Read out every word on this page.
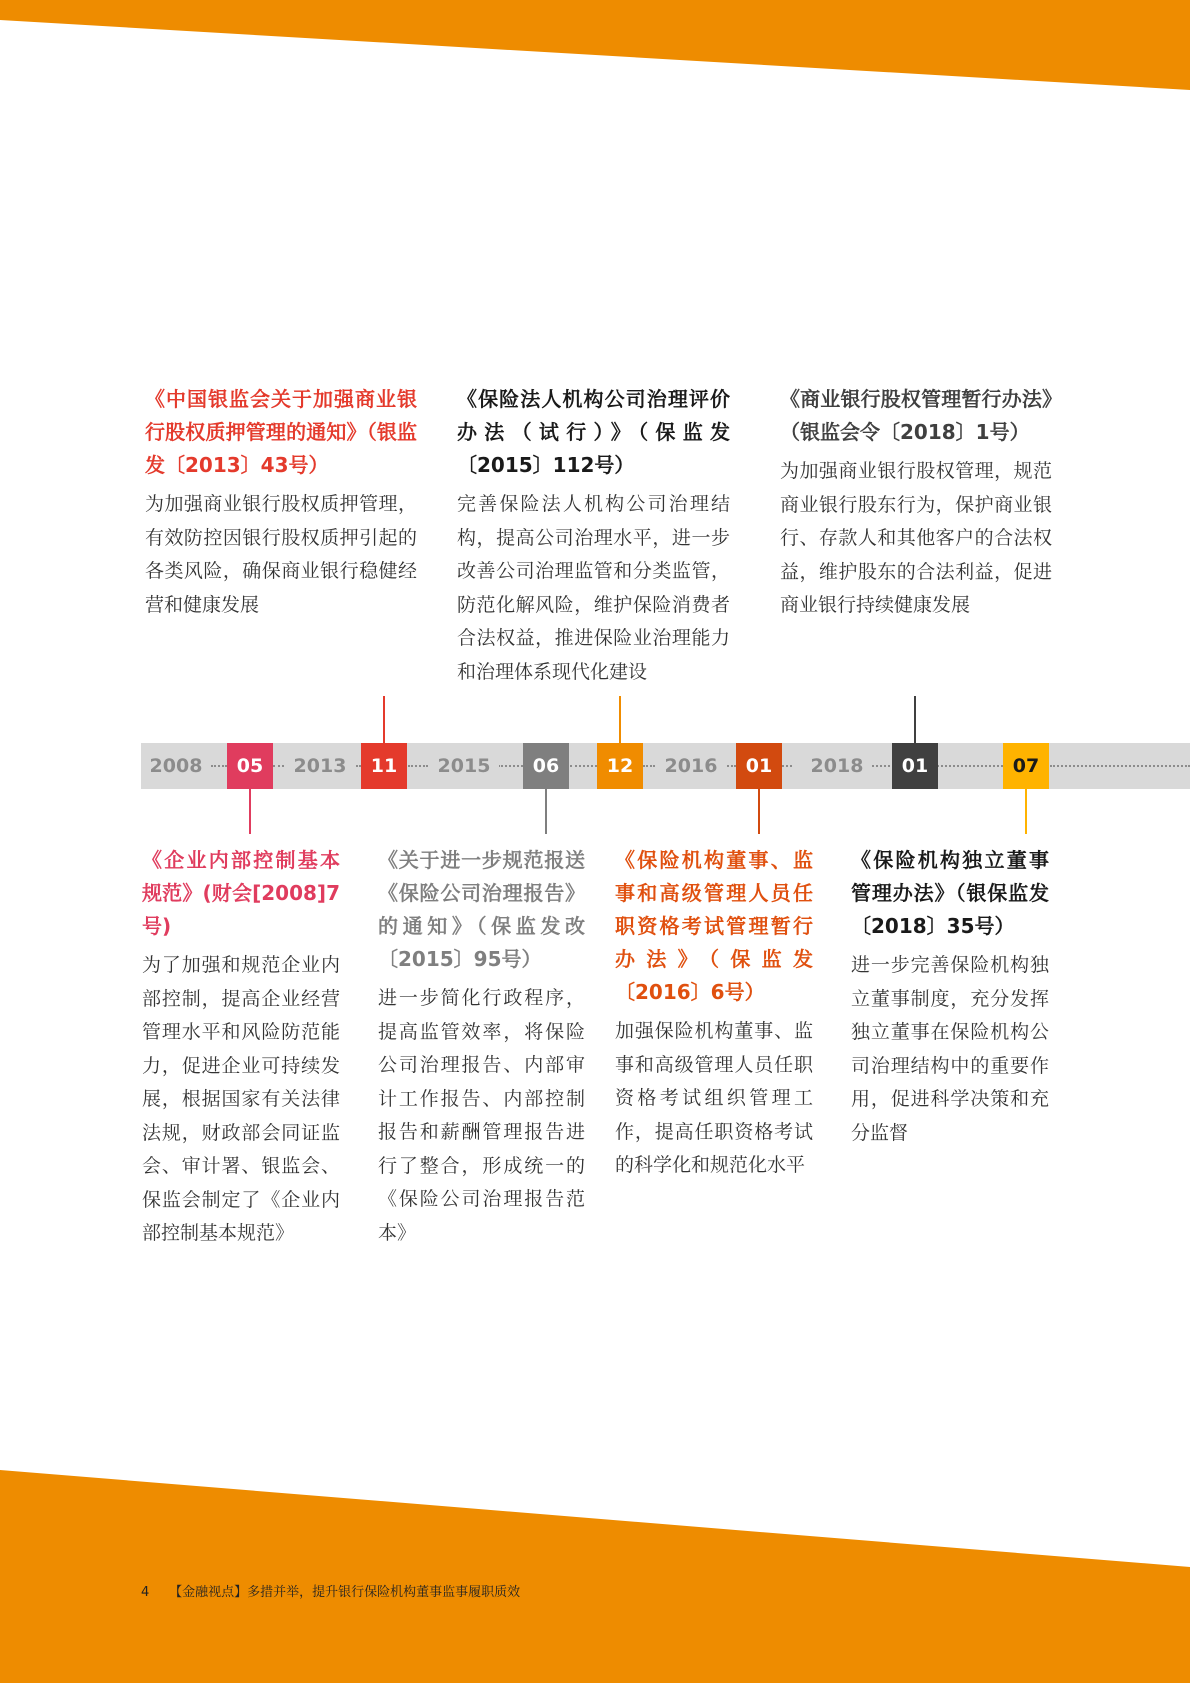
《中国银监会关于加强商业银行股权质押管理的通知》（银监发〔2013〕43号）
为加强商业银行股权质押管理，有效防控因银行股权质押引起的各类风险，确保商业银行稳健经营和健康发展
《保险法人机构公司治理评价办法（试行）》（保监发〔2015〕112号）
完善保险法人机构公司治理结构，提高公司治理水平，进一步改善公司治理监管和分类监管，防范化解风险，维护保险消费者合法权益，推进保险业治理能力和治理体系现代化建设
《商业银行股权管理暂行办法》（银监会令〔2018〕1号）
为加强商业银行股权管理，规范商业银行股东行为，保护商业银行、存款人和其他客户的合法权益，维护股东的合法利益，促进商业银行持续健康发展
2008	2013	2015	2016	2018
05	11	06	12	01	01	07
《企业内部控制基本规范》(财会[2008]7号)
为了加强和规范企业内部控制，提高企业经营管理水平和风险防范能力，促进企业可持续发展，根据国家有关法律法规，财政部会同证监会、审计署、银监会、保监会制定了《企业内部控制基本规范》
《关于进一步规范报送《保险公司治理报告》的通知》（保监发改〔2015〕95号）
进一步简化行政程序，提高监管效率，将保险公司治理报告、内部审计工作报告、内部控制报告和薪酬管理报告进行了整合，形成统一的《保险公司治理报告范本》
《保险机构董事、监事和高级管理人员任职资格考试管理暂行办法》（保监发〔2016〕6号）
加强保险机构董事、监事和高级管理人员任职资格考试组织管理工作，提高任职资格考试的科学化和规范化水平
《保险机构独立董事管理办法》（银保监发〔2018〕35号）
进一步完善保险机构独立董事制度，充分发挥独立董事在保险机构公司治理结构中的重要作用，促进科学决策和充分监督
4 【金融视点】多措并举，提升银行保险机构董事监事履职质效
